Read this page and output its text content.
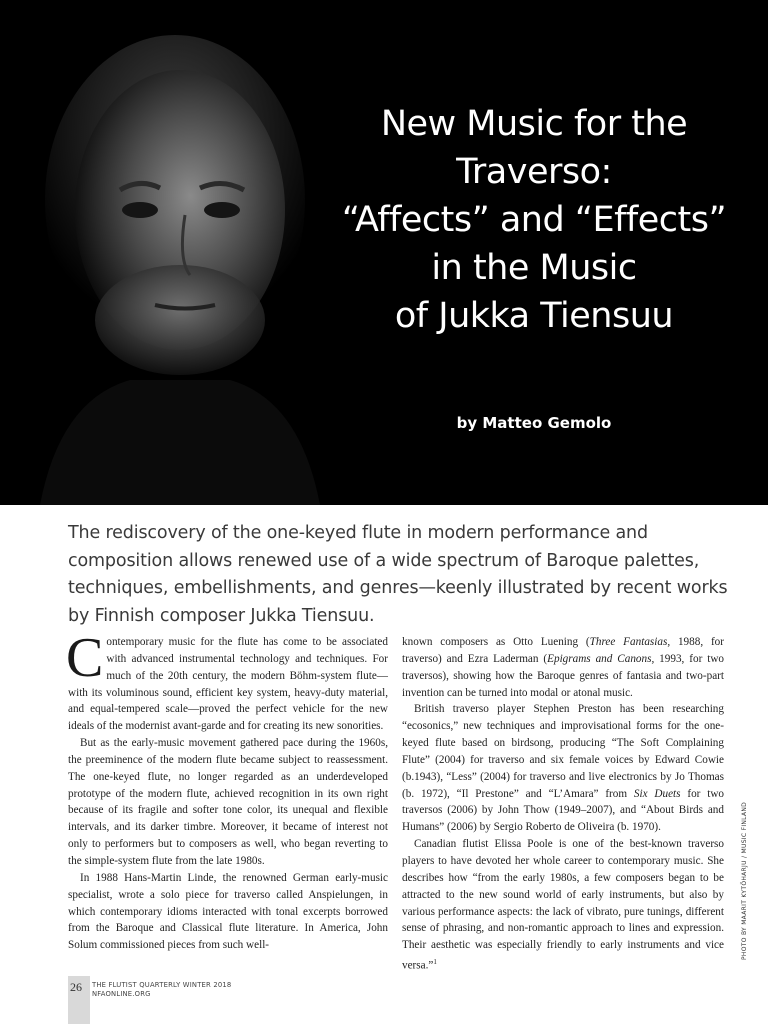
New Music for the
Traverso:
“Affects” and “Effects”
in the Music
of Jukka Tiensuu
by Matteo Gemolo
The rediscovery of the one-keyed flute in modern performance and composition allows renewed use of a wide spectrum of Baroque palettes, techniques, embellishments, and genres—keenly illustrated by recent works by Finnish composer Jukka Tiensuu.

Contemporary music for the flute has come to be associated with advanced instrumental technology and techniques. For much of the 20th century, the modern Böhm-system flute—with its voluminous sound, efficient key system, heavy-duty material, and equal-tempered scale—proved the perfect vehicle for the new ideals of the modernist avant-garde and for creating its new sonorities.

But as the early-music movement gathered pace during the 1960s, the preeminence of the modern flute became subject to reassessment. The one-keyed flute, no longer regarded as an underdeveloped prototype of the modern flute, achieved recognition in its own right because of its fragile and softer tone color, its unequal and flexible intervals, and its darker timbre. Moreover, it became of interest not only to performers but to composers as well, who began reverting to the simple-system flute from the late 1980s.

In 1988 Hans-Martin Linde, the renowned German early-music specialist, wrote a solo piece for traverso called Anspielungen, in which contemporary idioms interacted with tonal excerpts borrowed from the Baroque and Classical flute literature. In America, John Solum commissioned pieces from such well-

known composers as Otto Luening (Three Fantasias, 1988, for traverso) and Ezra Laderman (Epigrams and Canons, 1993, for two traversos), showing how the Baroque genres of fantasia and two-part invention can be turned into modal or atonal music.

British traverso player Stephen Preston has been researching “ecosonics,” new techniques and improvisational forms for the one-keyed flute based on birdsong, producing “The Soft Complaining Flute” (2004) for traverso and six female voices by Edward Cowie (b.1943), “Less” (2004) for traverso and live electronics by Jo Thomas (b. 1972), “Il Prestone” and “L’Amara” from Six Duets for two traversos (2006) by John Thow (1949–2007), and “About Birds and Humans” (2006) by Sergio Roberto de Oliveira (b. 1970).

Canadian flutist Elissa Poole is one of the best-known traverso players to have devoted her whole career to contemporary music. She describes how “from the early 1980s, a few composers began to be attracted to the new sound world of early instruments, but also by various performance aspects: the lack of vibrato, pure tunings, different sense of phrasing, and non-romantic approach to lines and expression. Their aesthetic was especially friendly to early instruments and vice versa.”$^1$

PHOTO BY MAARIT KYTÖHARJU / MUSIC FINLAND
26 THE FLUTIST QUARTERLY WINTER 2018
NFAONLINE.ORG
